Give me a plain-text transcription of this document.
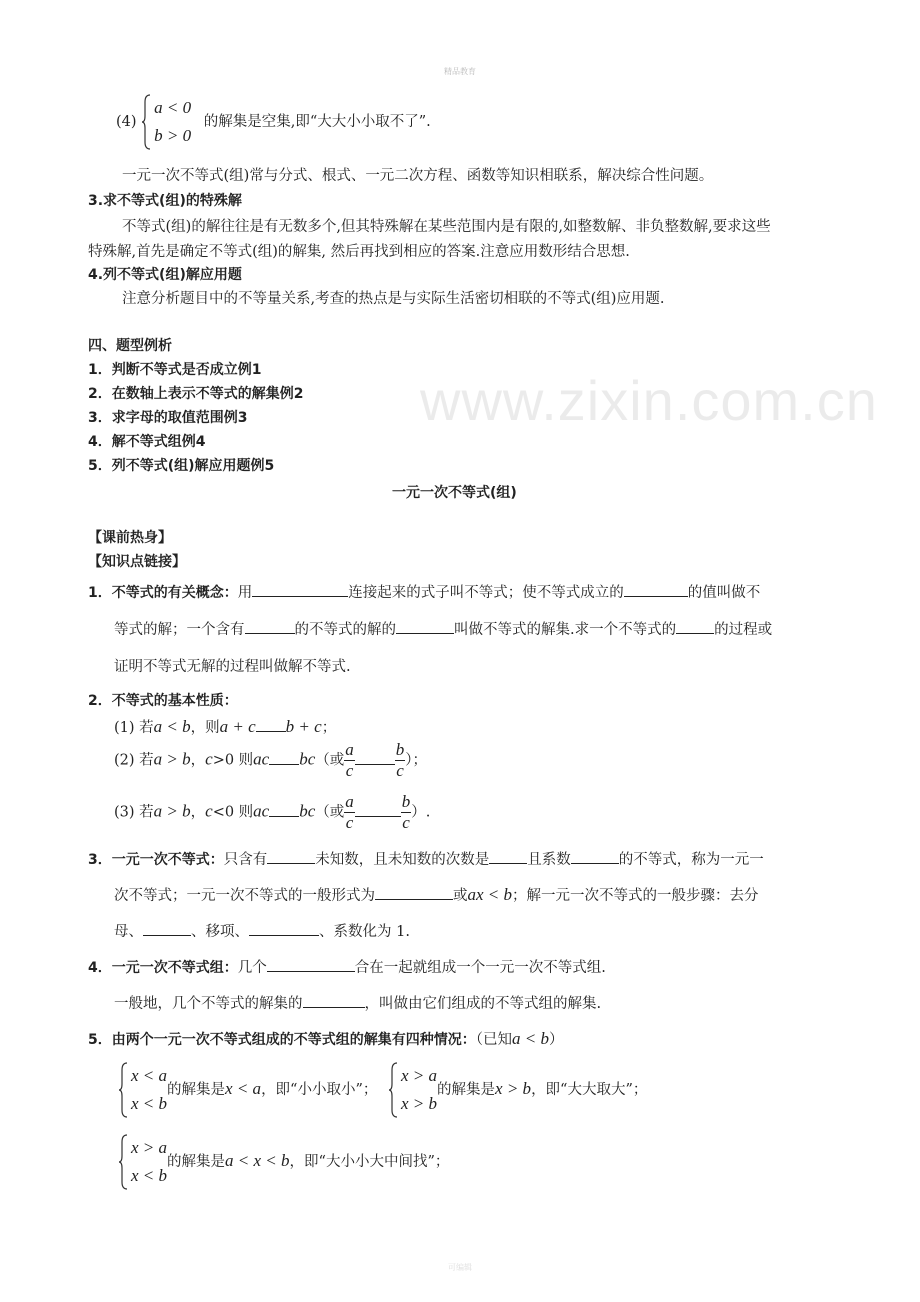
精品教育
www.zixin.com.cn
(4)
a < 0
b > 0
的解集是空集,即“大大小小取不了”.
一元一次不等式(组)常与分式、根式、一元二次方程、函数等知识相联系，解决综合性问题。
3.求不等式(组)的特殊解
不等式(组)的解往往是有无数多个,但其特殊解在某些范围内是有限的,如整数解、非负整数解,要求这些
特殊解,首先是确定不等式(组)的解集, 然后再找到相应的答案.注意应用数形结合思想.
4.列不等式(组)解应用题
注意分析题目中的不等量关系,考查的热点是与实际生活密切相联的不等式(组)应用题.
四、题型例析
1．判断不等式是否成立例1
2．在数轴上表示不等式的解集例2
3．求字母的取值范围例3
4．解不等式组例4
5．列不等式(组)解应用题例5
一元一次不等式(组)
【课前热身】
【知识点链接】
1．不等式的有关概念：用	连接起来的式子叫不等式；使不等式成立的	的值叫做不
等式的解；一个含有	的不等式的解的	叫做不等式的解集.求一个不等式的	的过程或
证明不等式无解的过程叫做解不等式.
2．不等式的基本性质：
(1) 若a < b，则a + c b + c；
(2) 若a > b，c>0 则ac bc（或 $\frac{a}{c} \frac{b}{c}$ ）；
(3) 若a > b，c<0 则ac bc（或 $\frac{a}{c}$	$\frac{b}{c}$ ）.
3．一元一次不等式：只含有	未知数，且未知数的次数是	且系数	的不等式，称为一元一
次不等式；一元一次不等式的一般形式为	或ax < b；解一元一次不等式的一般步骤：去分
母、	、移项、	、系数化为 1.
4．一元一次不等式组：几个	合在一起就组成一个一元一次不等式组.
一般地，几个不等式的解集的	，叫做由它们组成的不等式组的解集.
5．由两个一元一次不等式组成的不等式组的解集有四种情况：（已知a < b）
x < a
x < b
的解集是x < a，即“小小取小”；
x > a
x > b
的解集是x > b，即“大大取大”；
x > a
x < b
的解集是a < x < b，即“大小小大中间找”；
可编辑
